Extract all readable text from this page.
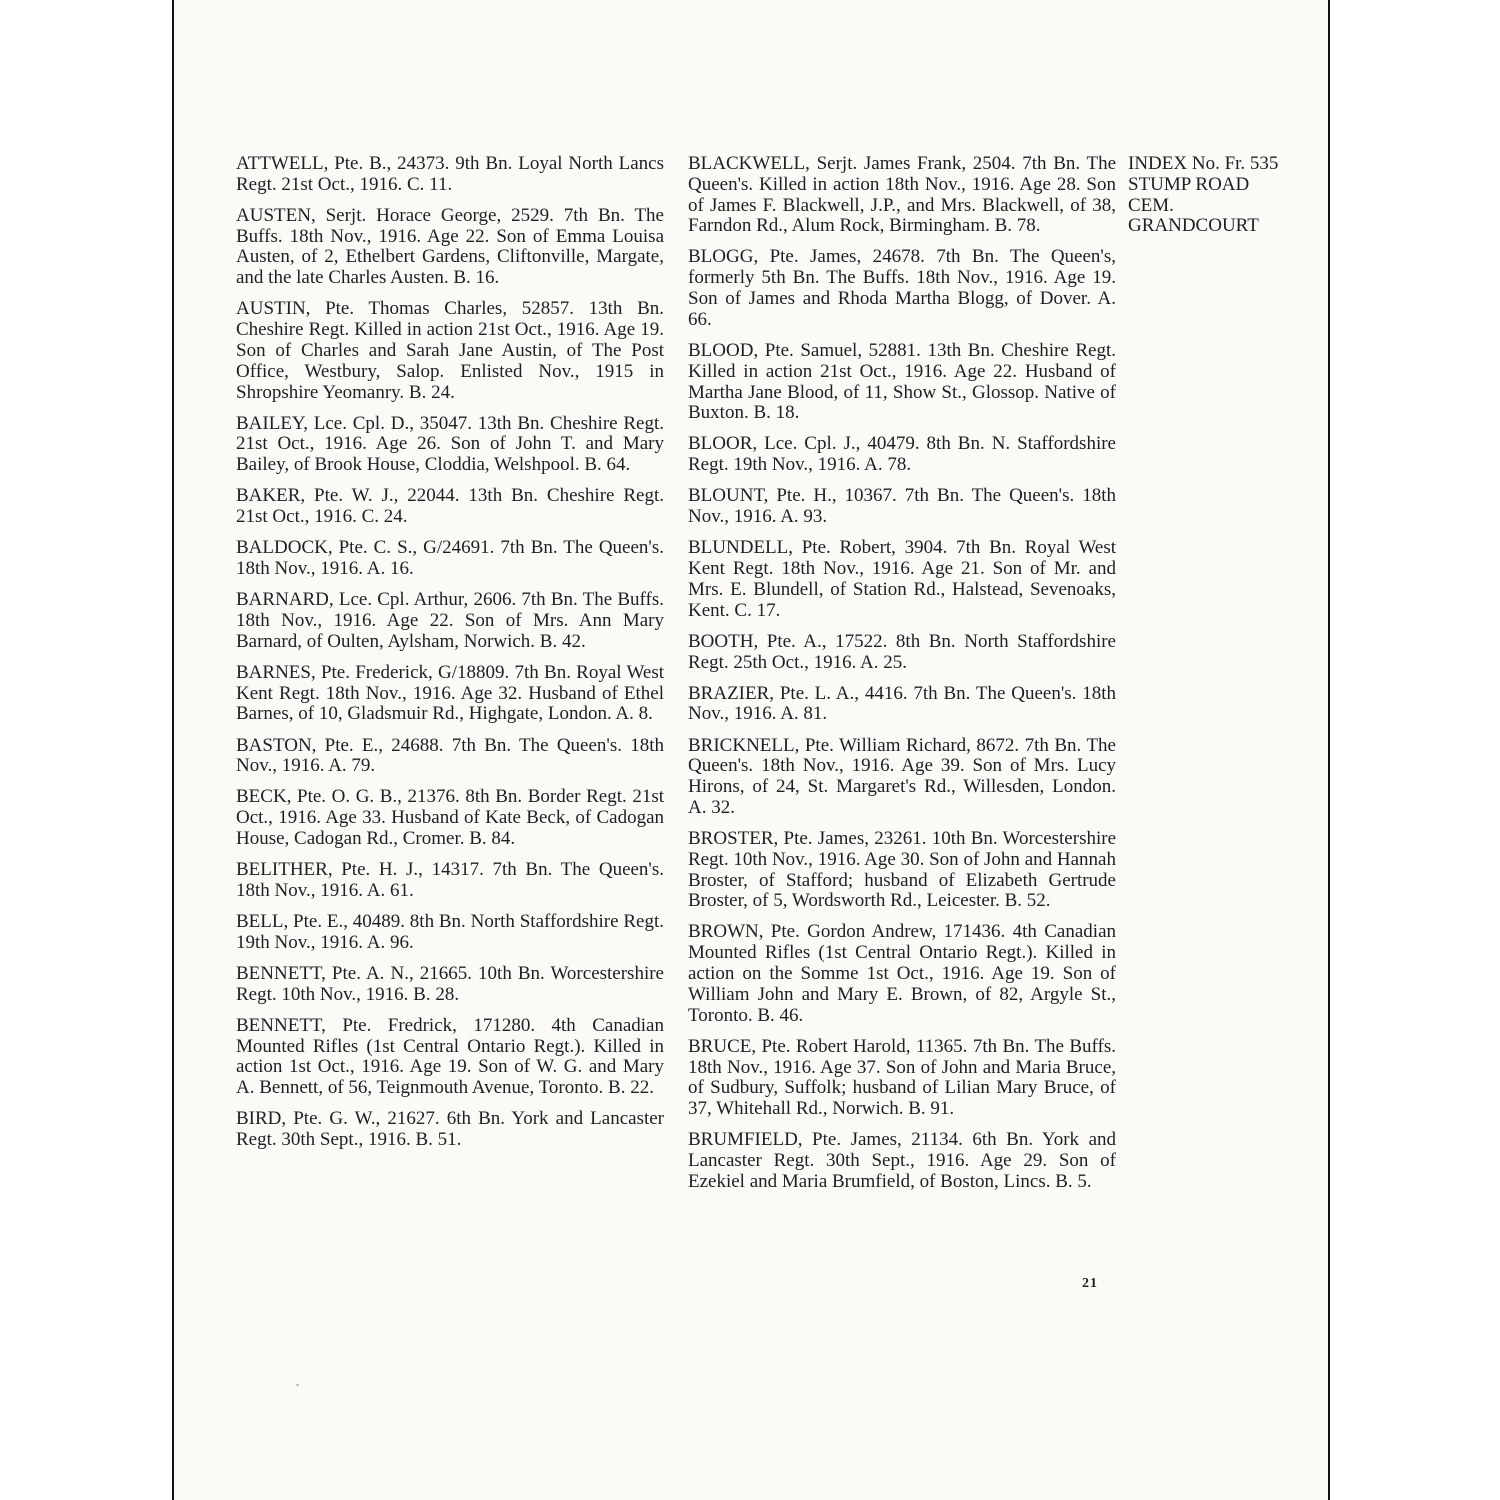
ATTWELL, Pte. B., 24373. 9th Bn. Loyal North Lancs Regt. 21st Oct., 1916. C. 11.

AUSTEN, Serjt. Horace George, 2529. 7th Bn. The Buffs. 18th Nov., 1916. Age 22. Son of Emma Louisa Austen, of 2, Ethelbert Gardens, Cliftonville, Margate, and the late Charles Austen. B. 16.

AUSTIN, Pte. Thomas Charles, 52857. 13th Bn. Cheshire Regt. Killed in action 21st Oct., 1916. Age 19. Son of Charles and Sarah Jane Austin, of The Post Office, Westbury, Salop. Enlisted Nov., 1915 in Shropshire Yeomanry. B. 24.

BAILEY, Lce. Cpl. D., 35047. 13th Bn. Cheshire Regt. 21st Oct., 1916. Age 26. Son of John T. and Mary Bailey, of Brook House, Cloddia, Welshpool. B. 64.

BAKER, Pte. W. J., 22044. 13th Bn. Cheshire Regt. 21st Oct., 1916. C. 24.

BALDOCK, Pte. C. S., G/24691. 7th Bn. The Queen's. 18th Nov., 1916. A. 16.

BARNARD, Lce. Cpl. Arthur, 2606. 7th Bn. The Buffs. 18th Nov., 1916. Age 22. Son of Mrs. Ann Mary Barnard, of Oulten, Aylsham, Norwich. B. 42.

BARNES, Pte. Frederick, G/18809. 7th Bn. Royal West Kent Regt. 18th Nov., 1916. Age 32. Husband of Ethel Barnes, of 10, Gladsmuir Rd., Highgate, London. A. 8.

BASTON, Pte. E., 24688. 7th Bn. The Queen's. 18th Nov., 1916. A. 79.

BECK, Pte. O. G. B., 21376. 8th Bn. Border Regt. 21st Oct., 1916. Age 33. Husband of Kate Beck, of Cadogan House, Cadogan Rd., Cromer. B. 84.

BELITHER, Pte. H. J., 14317. 7th Bn. The Queen's. 18th Nov., 1916. A. 61.

BELL, Pte. E., 40489. 8th Bn. North Staffordshire Regt. 19th Nov., 1916. A. 96.

BENNETT, Pte. A. N., 21665. 10th Bn. Worcestershire Regt. 10th Nov., 1916. B. 28.

BENNETT, Pte. Fredrick, 171280. 4th Canadian Mounted Rifles (1st Central Ontario Regt.). Killed in action 1st Oct., 1916. Age 19. Son of W. G. and Mary A. Bennett, of 56, Teignmouth Avenue, Toronto. B. 22.

BIRD, Pte. G. W., 21627. 6th Bn. York and Lancaster Regt. 30th Sept., 1916. B. 51.

BLACKWELL, Serjt. James Frank, 2504. 7th Bn. The Queen's. Killed in action 18th Nov., 1916. Age 28. Son of James F. Blackwell, J.P., and Mrs. Blackwell, of 38, Farndon Rd., Alum Rock, Birmingham. B. 78.

BLOGG, Pte. James, 24678. 7th Bn. The Queen's, formerly 5th Bn. The Buffs. 18th Nov., 1916. Age 19. Son of James and Rhoda Martha Blogg, of Dover. A. 66.

BLOOD, Pte. Samuel, 52881. 13th Bn. Cheshire Regt. Killed in action 21st Oct., 1916. Age 22. Husband of Martha Jane Blood, of 11, Show St., Glossop. Native of Buxton. B. 18.

BLOOR, Lce. Cpl. J., 40479. 8th Bn. N. Staffordshire Regt. 19th Nov., 1916. A. 78.

BLOUNT, Pte. H., 10367. 7th Bn. The Queen's. 18th Nov., 1916. A. 93.

BLUNDELL, Pte. Robert, 3904. 7th Bn. Royal West Kent Regt. 18th Nov., 1916. Age 21. Son of Mr. and Mrs. E. Blundell, of Station Rd., Halstead, Sevenoaks, Kent. C. 17.

BOOTH, Pte. A., 17522. 8th Bn. North Staffordshire Regt. 25th Oct., 1916. A. 25.

BRAZIER, Pte. L. A., 4416. 7th Bn. The Queen's. 18th Nov., 1916. A. 81.

BRICKNELL, Pte. William Richard, 8672. 7th Bn. The Queen's. 18th Nov., 1916. Age 39. Son of Mrs. Lucy Hirons, of 24, St. Margaret's Rd., Willesden, London. A. 32.

BROSTER, Pte. James, 23261. 10th Bn. Worcestershire Regt. 10th Nov., 1916. Age 30. Son of John and Hannah Broster, of Stafford; husband of Elizabeth Gertrude Broster, of 5, Wordsworth Rd., Leicester. B. 52.

BROWN, Pte. Gordon Andrew, 171436. 4th Canadian Mounted Rifles (1st Central Ontario Regt.). Killed in action on the Somme 1st Oct., 1916. Age 19. Son of William John and Mary E. Brown, of 82, Argyle St., Toronto. B. 46.

BRUCE, Pte. Robert Harold, 11365. 7th Bn. The Buffs. 18th Nov., 1916. Age 37. Son of John and Maria Bruce, of Sudbury, Suffolk; husband of Lilian Mary Bruce, of 37, Whitehall Rd., Norwich. B. 91.

BRUMFIELD, Pte. James, 21134. 6th Bn. York and Lancaster Regt. 30th Sept., 1916. Age 29. Son of Ezekiel and Maria Brumfield, of Boston, Lincs. B. 5.

INDEX No. Fr. 535
STUMP ROAD
CEM.
GRANDCOURT
21
